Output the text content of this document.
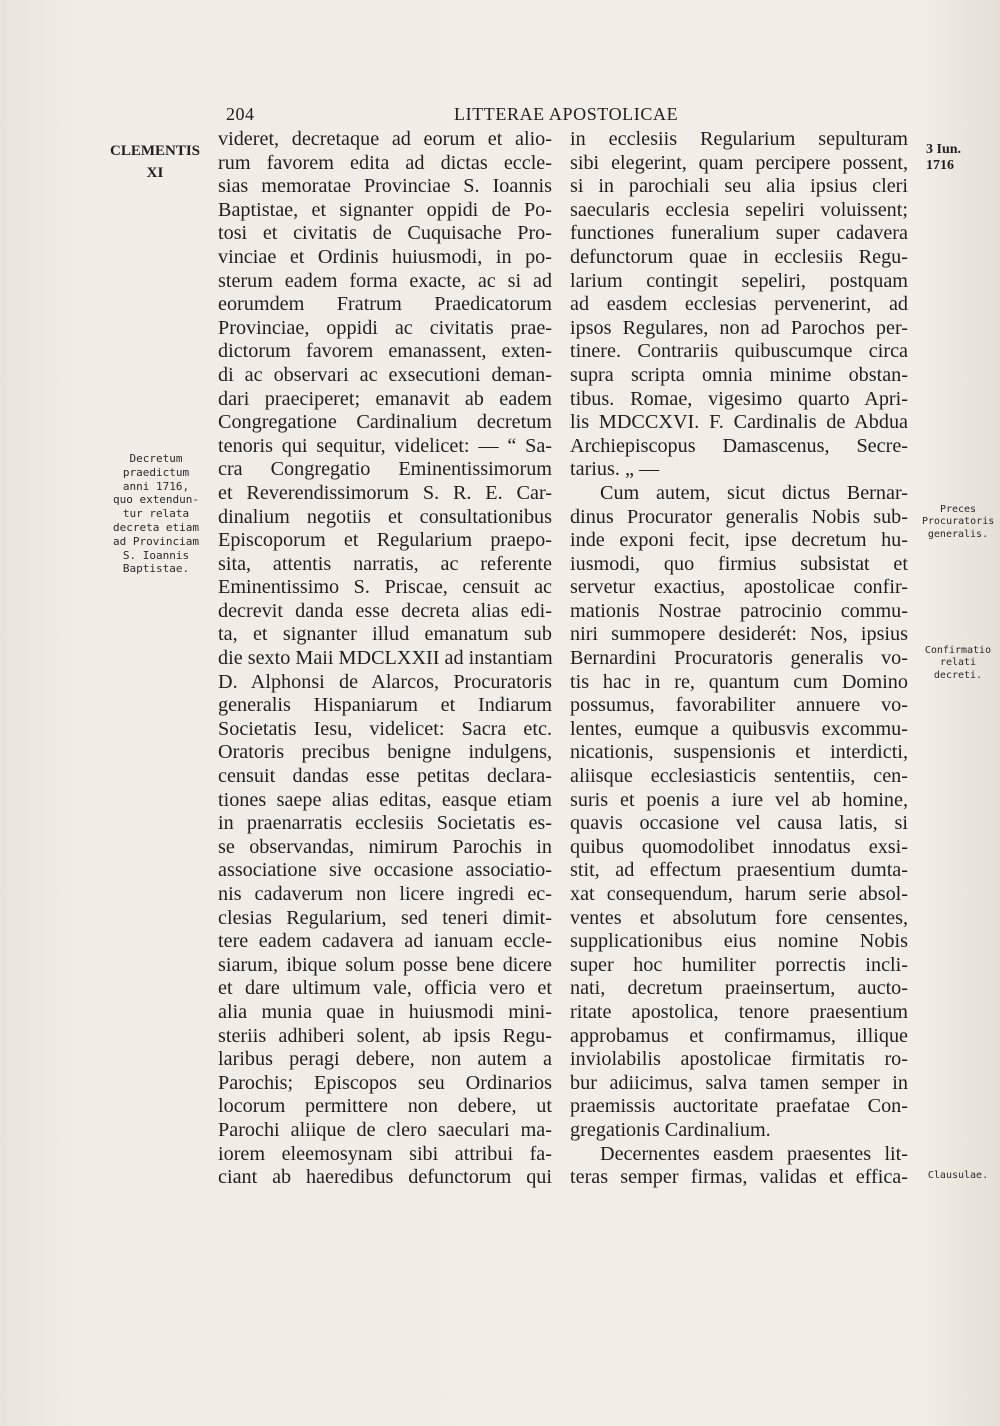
204	LITTERAE APOSTOLICAE
CLEMENTIS
XI
Decretum
praedictum
anni 1716,
quo extendun-
tur relata
decreta etiam
ad Provinciam
S. Ioannis
Baptistae.
3 Iun. 1716
Preces
Procuratoris
generalis.
Confirmatio
relati decreti.
Clausulae.
videret, decretaque ad eorum et alio-
rum favorem edita ad dictas eccle-
sias memoratae Provinciae S. Ioannis
Baptistae, et signanter oppidi de Po-
tosi et civitatis de Cuquisache Pro-
vinciae et Ordinis huiusmodi, in po-
sterum eadem forma exacte, ac si ad
eorumdem Fratrum Praedicatorum
Provinciae, oppidi ac civitatis prae-
dictorum favorem emanassent, exten-
di ac observari ac exsecutioni deman-
dari praeciperet; emanavit ab eadem
Congregatione Cardinalium decretum
tenoris qui sequitur, videlicet: — “ Sa-
cra Congregatio Eminentissimorum
et Reverendissimorum S. R. E. Car-
dinalium negotiis et consultationibus
Episcoporum et Regularium praepo-
sita, attentis narratis, ac referente
Eminentissimo S. Priscae, censuit ac
decrevit danda esse decreta alias edi-
ta, et signanter illud emanatum sub
die sexto Maii MDCLXXII ad instantiam
D. Alphonsi de Alarcos, Procuratoris
generalis Hispaniarum et Indiarum
Societatis Iesu, videlicet: Sacra etc.
Oratoris precibus benigne indulgens,
censuit dandas esse petitas declara-
tiones saepe alias editas, easque etiam
in praenarratis ecclesiis Societatis es-
se observandas, nimirum Parochis in
associatione sive occasione associatio-
nis cadaverum non licere ingredi ec-
clesias Regularium, sed teneri dimit-
tere eadem cadavera ad ianuam eccle-
siarum, ibique solum posse bene dicere
et dare ultimum vale, officia vero et
alia munia quae in huiusmodi mini-
steriis adhiberi solent, ab ipsis Regu-
laribus peragi debere, non autem a
Parochis; Episcopos seu Ordinarios
locorum permittere non debere, ut
Parochi aliique de clero saeculari ma-
iorem eleemosynam sibi attribui fa-
ciant ab haeredibus defunctorum qui
in ecclesiis Regularium sepulturam
sibi elegerint, quam percipere possent,
si in parochiali seu alia ipsius cleri
saecularis ecclesia sepeliri voluissent;
functiones funeralium super cadavera
defunctorum quae in ecclesiis Regu-
larium contingit sepeliri, postquam
ad easdem ecclesias pervenerint, ad
ipsos Regulares, non ad Parochos per-
tinere. Contrariis quibuscumque circa
supra scripta omnia minime obstan-
tibus. Romae, vigesimo quarto Apri-
lis MDCCXVI. F. Cardinalis de Abdua
Archiepiscopus Damascenus, Secre-
tarius. „ —
Cum autem, sicut dictus Bernar-
dinus Procurator generalis Nobis sub-
inde exponi fecit, ipse decretum hu-
iusmodi, quo firmius subsistat et
servetur exactius, apostolicae confir-
mationis Nostrae patrocinio commu-
niri summopere desiderét: Nos, ipsius
Bernardini Procuratoris generalis vo-
tis hac in re, quantum cum Domino
possumus, favorabiliter annuere vo-
lentes, eumque a quibusvis excommu-
nicationis, suspensionis et interdicti,
aliisque ecclesiasticis sententiis, cen-
suris et poenis a iure vel ab homine,
quavis occasione vel causa latis, si
quibus quomodolibet innodatus exsi-
stit, ad effectum praesentium dumta-
xat consequendum, harum serie absol-
ventes et absolutum fore censentes,
supplicationibus eius nomine Nobis
super hoc humiliter porrectis incli-
nati, decretum praeinsertum, aucto-
ritate apostolica, tenore praesentium
approbamus et confirmamus, illique
inviolabilis apostolicae firmitatis ro-
bur adiicimus, salva tamen semper in
praemissis auctoritate praefatae Con-
gregationis Cardinalium.
Decernentes easdem praesentes lit-
teras semper firmas, validas et effica-
